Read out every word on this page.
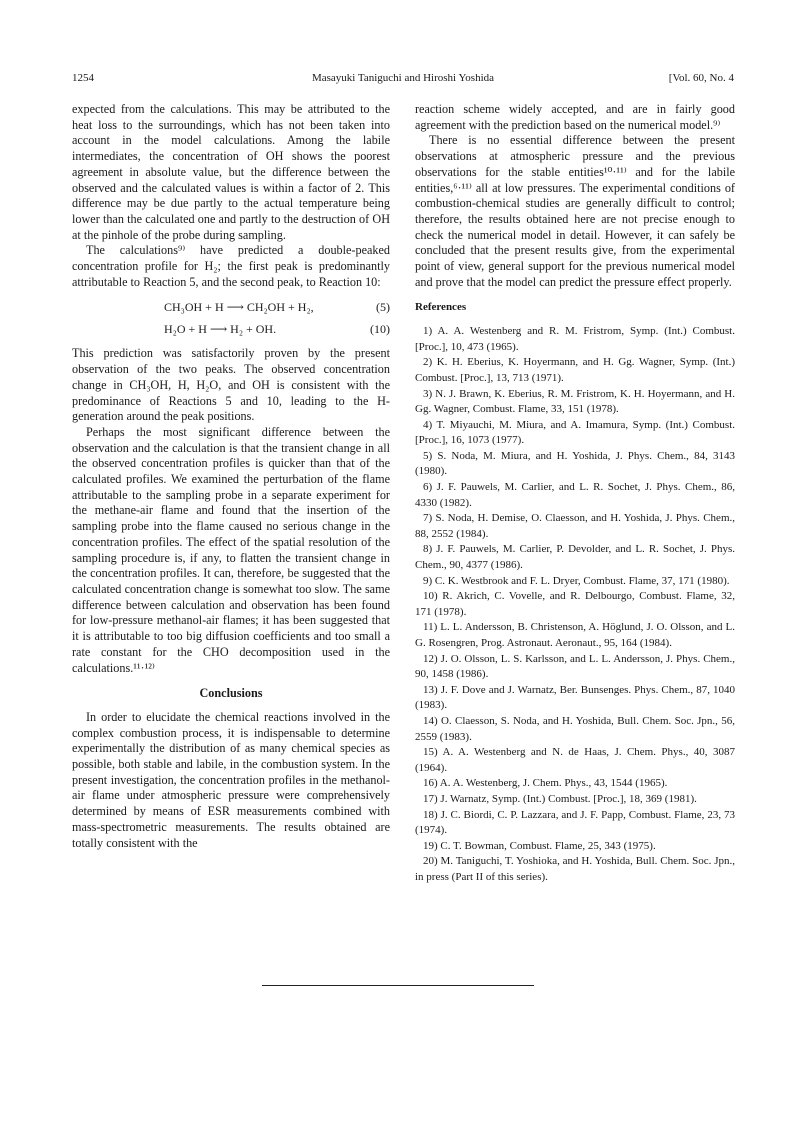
1254	Masayuki Taniguchi and Hiroshi Yoshida	[Vol. 60, No. 4

expected from the calculations. This may be attributed to the heat loss to the surroundings, which has not been taken into account in the model calculations. Among the labile intermediates, the concentration of OH shows the poorest agreement in absolute value, but the difference between the observed and the calculated values is within a factor of 2. This difference may be due partly to the actual temperature being lower than the calculated one and partly to the destruction of OH at the pinhole of the probe during sampling.

The calculations⁹⁾ have predicted a double-peaked concentration profile for H₂; the first peak is predominantly attributable to Reaction 5, and the second peak, to Reaction 10:

CH₃OH + H ⟶ CH₂OH + H₂,	(5)
H₂O + H ⟶ H₂ + OH.	(10)

This prediction was satisfactorily proven by the present observation of the two peaks. The observed concentration change in CH₃OH, H, H₂O, and OH is consistent with the predominance of Reactions 5 and 10, leading to the H-generation around the peak positions.

Perhaps the most significant difference between the observation and the calculation is that the transient change in all the observed concentration profiles is quicker than that of the calculated profiles. We examined the perturbation of the flame attributable to the sampling probe in a separate experiment for the methane-air flame and found that the insertion of the sampling probe into the flame caused no serious change in the concentration profiles. The effect of the spatial resolution of the sampling procedure is, if any, to flatten the transient change in the concentration profiles. It can, therefore, be suggested that the calculated concentration change is somewhat too slow. The same difference between calculation and observation has been found for low-pressure methanol-air flames; it has been suggested that it is attributable to too big diffusion coefficients and too small a rate constant for the CHO decomposition used in the calculations.¹¹·¹²⁾

Conclusions

In order to elucidate the chemical reactions involved in the complex combustion process, it is indispensable to determine experimentally the distribution of as many chemical species as possible, both stable and labile, in the combustion system. In the present investigation, the concentration profiles in the methanol-air flame under atmospheric pressure were comprehensively determined by means of ESR measurements combined with mass-spectrometric measurements. The results obtained are totally consistent with the

reaction scheme widely accepted, and are in fairly good agreement with the prediction based on the numerical model.⁹⁾

There is no essential difference between the present observations at atmospheric pressure and the previous observations for the stable entities¹⁰·¹¹⁾ and for the labile entities,⁶·¹¹⁾ all at low pressures. The experimental conditions of combustion-chemical studies are generally difficult to control; therefore, the results obtained here are not precise enough to check the numerical model in detail. However, it can safely be concluded that the present results give, from the experimental point of view, general support for the previous numerical model and prove that the model can predict the pressure effect properly.

References

1) A. A. Westenberg and R. M. Fristrom, Symp. (Int.) Combust. [Proc.], 10, 473 (1965).

2) K. H. Eberius, K. Hoyermann, and H. Gg. Wagner, Symp. (Int.) Combust. [Proc.], 13, 713 (1971).

3) N. J. Brawn, K. Eberius, R. M. Fristrom, K. H. Hoyermann, and H. Gg. Wagner, Combust. Flame, 33, 151 (1978).

4) T. Miyauchi, M. Miura, and A. Imamura, Symp. (Int.) Combust. [Proc.], 16, 1073 (1977).

5) S. Noda, M. Miura, and H. Yoshida, J. Phys. Chem., 84, 3143 (1980).

6) J. F. Pauwels, M. Carlier, and L. R. Sochet, J. Phys. Chem., 86, 4330 (1982).

7) S. Noda, H. Demise, O. Claesson, and H. Yoshida, J. Phys. Chem., 88, 2552 (1984).

8) J. F. Pauwels, M. Carlier, P. Devolder, and L. R. Sochet, J. Phys. Chem., 90, 4377 (1986).

9) C. K. Westbrook and F. L. Dryer, Combust. Flame, 37, 171 (1980).

10) R. Akrich, C. Vovelle, and R. Delbourgo, Combust. Flame, 32, 171 (1978).

11) L. L. Andersson, B. Christenson, A. Höglund, J. O. Olsson, and L. G. Rosengren, Prog. Astronaut. Aeronaut., 95, 164 (1984).

12) J. O. Olsson, L. S. Karlsson, and L. L. Andersson, J. Phys. Chem., 90, 1458 (1986).

13) J. F. Dove and J. Warnatz, Ber. Bunsenges. Phys. Chem., 87, 1040 (1983).

14) O. Claesson, S. Noda, and H. Yoshida, Bull. Chem. Soc. Jpn., 56, 2559 (1983).

15) A. A. Westenberg and N. de Haas, J. Chem. Phys., 40, 3087 (1964).

16) A. A. Westenberg, J. Chem. Phys., 43, 1544 (1965).

17) J. Warnatz, Symp. (Int.) Combust. [Proc.], 18, 369 (1981).

18) J. C. Biordi, C. P. Lazzara, and J. F. Papp, Combust. Flame, 23, 73 (1974).

19) C. T. Bowman, Combust. Flame, 25, 343 (1975).

20) M. Taniguchi, T. Yoshioka, and H. Yoshida, Bull. Chem. Soc. Jpn., in press (Part II of this series).
